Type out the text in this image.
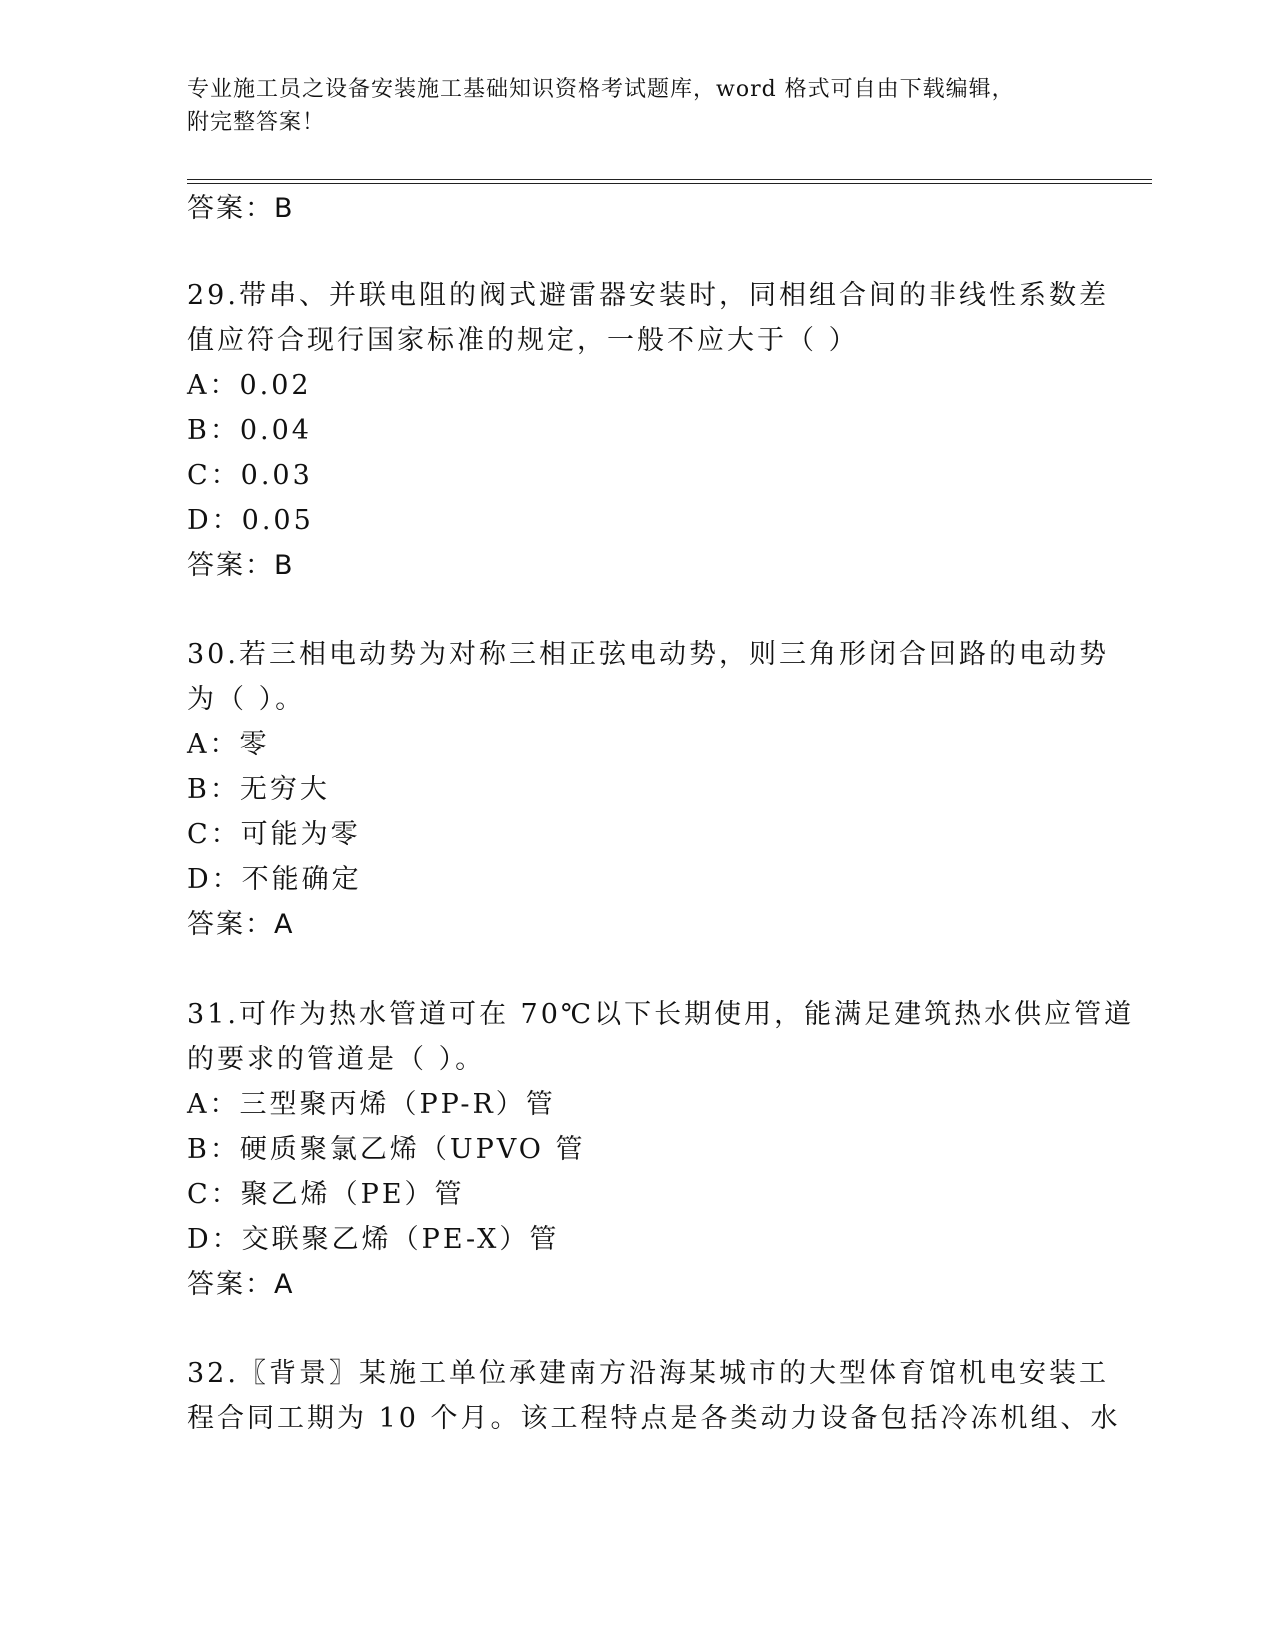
专业施工员之设备安装施工基础知识资格考试题库，word 格式可自由下载编辑，
附完整答案！
答案：B
29.带串、并联电阻的阀式避雷器安装时，同相组合间的非线性系数差
值应符合现行国家标准的规定，一般不应大于（ ）
A：0.02
B：0.04
C：0.03
D：0.05
答案：B
30.若三相电动势为对称三相正弦电动势，则三角形闭合回路的电动势
为（ ）。
A：零
B：无穷大
C：可能为零
D：不能确定
答案：A
31.可作为热水管道可在 70℃以下长期使用，能满足建筑热水供应管道
的要求的管道是（ ）。
A：三型聚丙烯（PP-R）管
B：硬质聚氯乙烯（UPVO 管
C：聚乙烯（PE）管
D：交联聚乙烯（PE-X）管
答案：A
32.〖背景〗某施工单位承建南方沿海某城市的大型体育馆机电安装工
程合同工期为 10 个月。该工程特点是各类动力设备包括冷冻机组、水
